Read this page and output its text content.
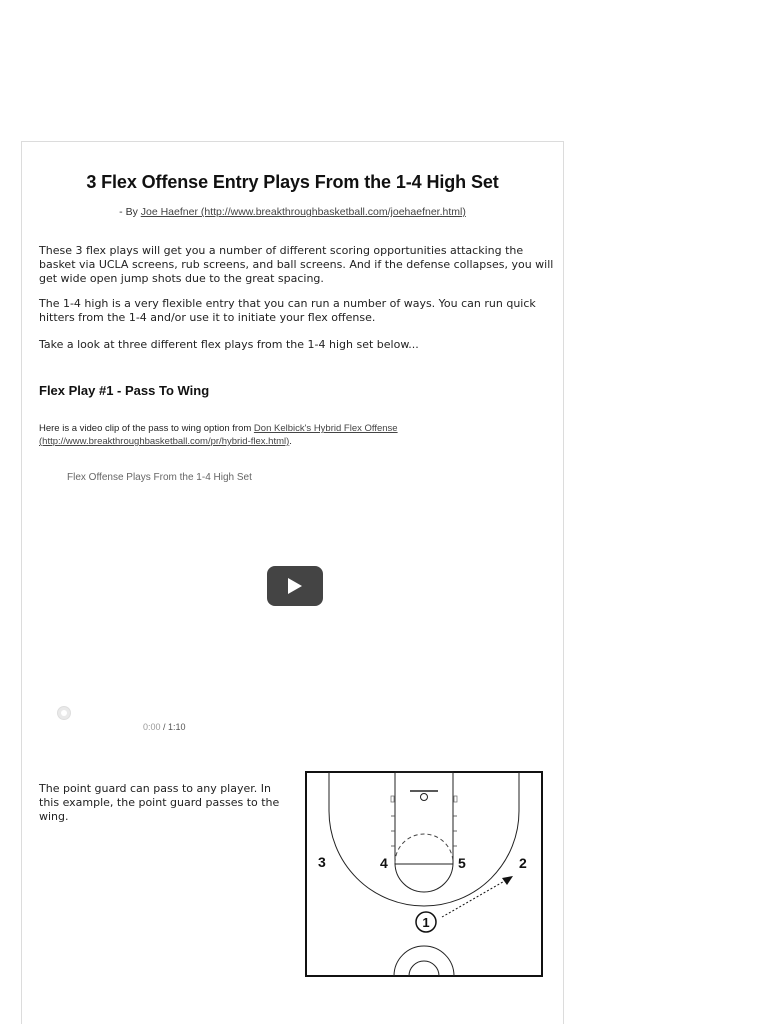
3 Flex Offense Entry Plays From the 1-4 High Set
- By Joe Haefner (http://www.breakthroughbasketball.com/joehaefner.html)

These 3 flex plays will get you a number of different scoring opportunities attacking the basket via UCLA screens, rub screens, and ball screens. And if the defense collapses, you will get wide open jump shots due to the great spacing.

The 1-4 high is a very flexible entry that you can run a number of ways. You can run quick hitters from the 1-4 and/or use it to initiate your flex offense.

Take a look at three different flex plays from the 1-4 high set below...

Flex Play #1 - Pass To Wing
Here is a video clip of the pass to wing option from Don Kelbick's Hybrid Flex Offense (http://www.breakthroughbasketball.com/pr/hybrid-flex.html).
Flex Offense Plays From the 1-4 High Set
0:00 / 1:10
The point guard can pass to any player. In this example, the point guard passes to the wing.
3	4	5	2
1
